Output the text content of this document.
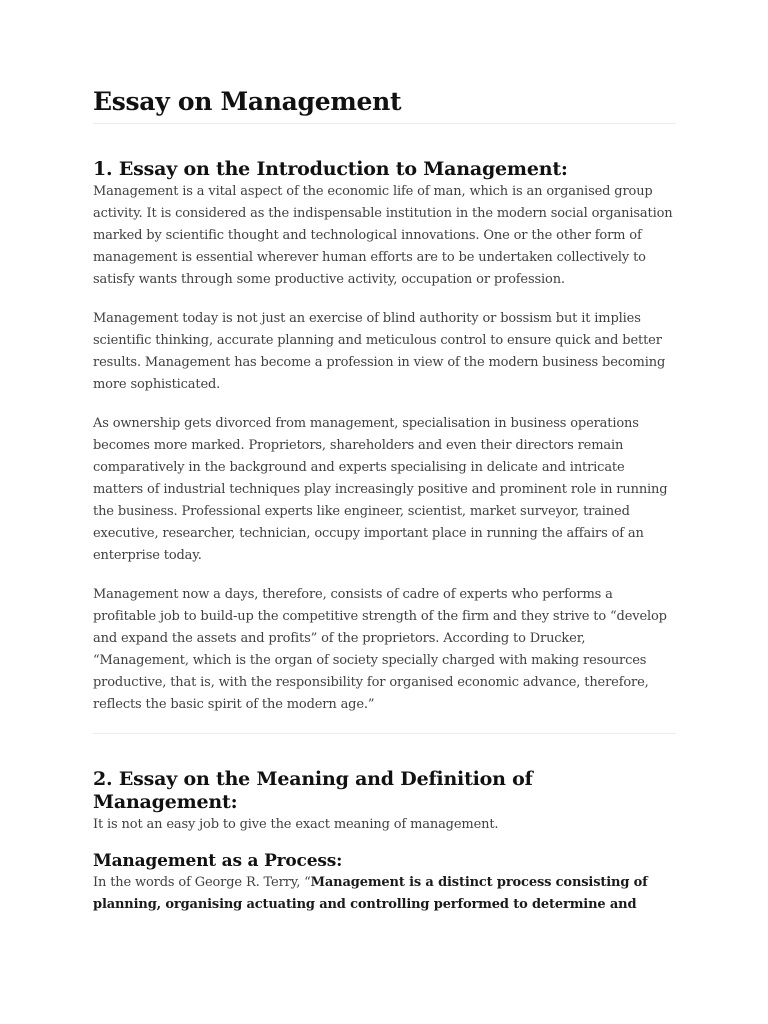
Essay on Management
1. Essay on the Introduction to Management:

Management is a vital aspect of the economic life of man, which is an organised group activity. It is considered as the indispensable institution in the modern social organisation marked by scientific thought and technological innovations. One or the other form of management is essential wherever human efforts are to be undertaken collectively to satisfy wants through some productive activity, occupation or profession.

Management today is not just an exercise of blind authority or bossism but it implies scientific thinking, accurate planning and meticulous control to ensure quick and better results. Management has become a profession in view of the modern business becoming more sophisticated.

As ownership gets divorced from management, specialisation in business operations becomes more marked. Proprietors, shareholders and even their directors remain comparatively in the background and experts specialising in delicate and intricate matters of industrial techniques play increasingly positive and prominent role in running the business. Professional experts like engineer, scientist, market surveyor, trained executive, researcher, technician, occupy important place in running the affairs of an enterprise today.

Management now a days, therefore, consists of cadre of experts who performs a profitable job to build-up the competitive strength of the firm and they strive to “develop and expand the assets and profits” of the proprietors. According to Drucker, “Management, which is the organ of society specially charged with making resources productive, that is, with the responsibility for organised economic advance, therefore, reflects the basic spirit of the modern age.”

2. Essay on the Meaning and Definition of Management:

It is not an easy job to give the exact meaning of management.

Management as a Process:

In the words of George R. Terry, “Management is a distinct process consisting of planning, organising actuating and controlling performed to determine and
